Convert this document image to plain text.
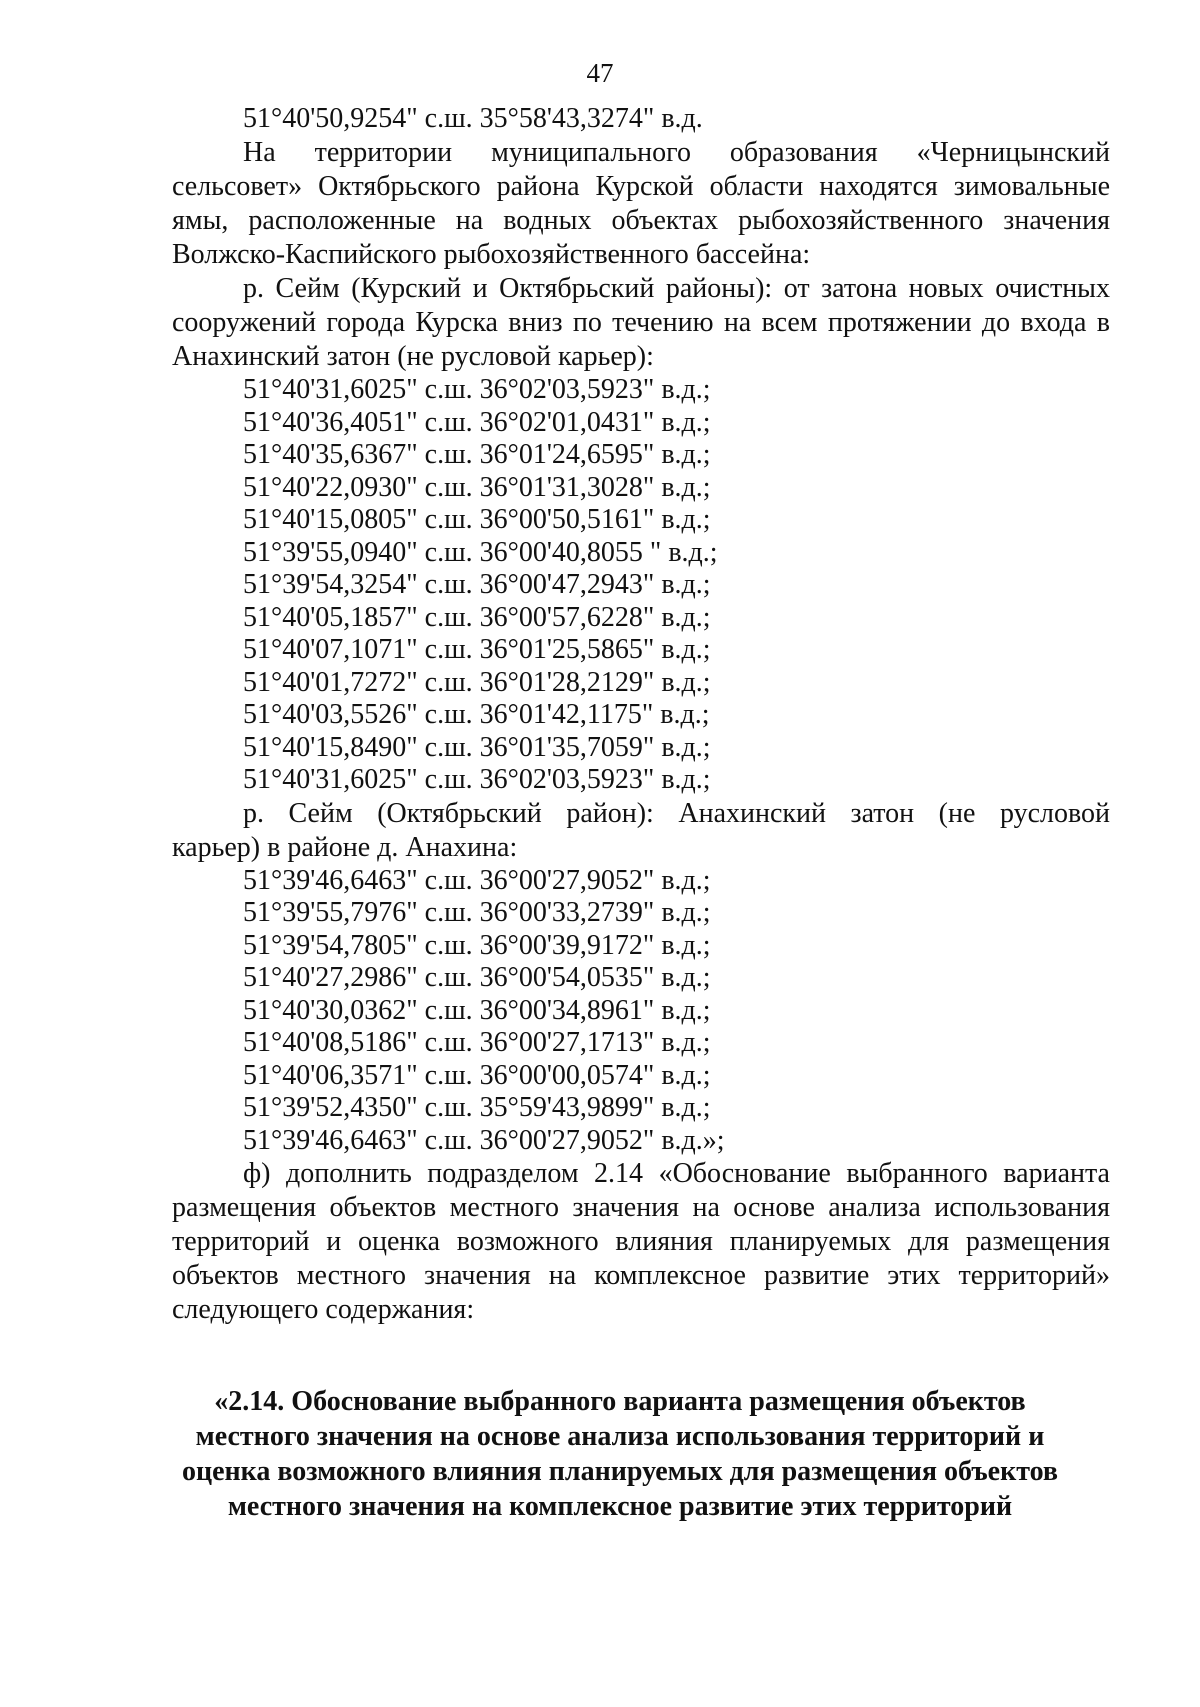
47
51°40'50,9254" с.ш. 35°58'43,3274" в.д.
На территории муниципального образования «Черницынский
сельсовет» Октябрьского района Курской области находятся зимовальные
ямы, расположенные на водных объектах рыбохозяйственного значения
Волжско-Каспийского рыбохозяйственного бассейна:
р. Сейм (Курский и Октябрьский районы): от затона новых очистных
сооружений города Курска вниз по течению на всем протяжении до входа в
Анахинский затон (не русловой карьер):
51°40'31,6025" с.ш. 36°02'03,5923" в.д.;
51°40'36,4051" с.ш. 36°02'01,0431" в.д.;
51°40'35,6367" с.ш. 36°01'24,6595" в.д.;
51°40'22,0930" с.ш. 36°01'31,3028" в.д.;
51°40'15,0805" с.ш. 36°00'50,5161" в.д.;
51°39'55,0940" с.ш. 36°00'40,8055 " в.д.;
51°39'54,3254" с.ш. 36°00'47,2943" в.д.;
51°40'05,1857" с.ш. 36°00'57,6228" в.д.;
51°40'07,1071" с.ш. 36°01'25,5865" в.д.;
51°40'01,7272" с.ш. 36°01'28,2129" в.д.;
51°40'03,5526" с.ш. 36°01'42,1175" в.д.;
51°40'15,8490" с.ш. 36°01'35,7059" в.д.;
51°40'31,6025" с.ш. 36°02'03,5923" в.д.;
р. Сейм (Октябрьский район): Анахинский затон (не русловой
карьер) в районе д. Анахина:
51°39'46,6463" с.ш. 36°00'27,9052" в.д.;
51°39'55,7976" с.ш. 36°00'33,2739" в.д.;
51°39'54,7805" с.ш. 36°00'39,9172" в.д.;
51°40'27,2986" с.ш. 36°00'54,0535" в.д.;
51°40'30,0362" с.ш. 36°00'34,8961" в.д.;
51°40'08,5186" с.ш. 36°00'27,1713" в.д.;
51°40'06,3571" с.ш. 36°00'00,0574" в.д.;
51°39'52,4350" с.ш. 35°59'43,9899" в.д.;
51°39'46,6463" с.ш. 36°00'27,9052" в.д.»;
ф) дополнить подразделом 2.14 «Обоснование выбранного варианта
размещения объектов местного значения на основе анализа использования
территорий и оценка возможного влияния планируемых для размещения
объектов местного значения на комплексное развитие этих территорий»
следующего содержания:
«2.14. Обоснование выбранного варианта размещения объектов
местного значения на основе анализа использования территорий и
оценка возможного влияния планируемых для размещения объектов
местного значения на комплексное развитие этих территорий
